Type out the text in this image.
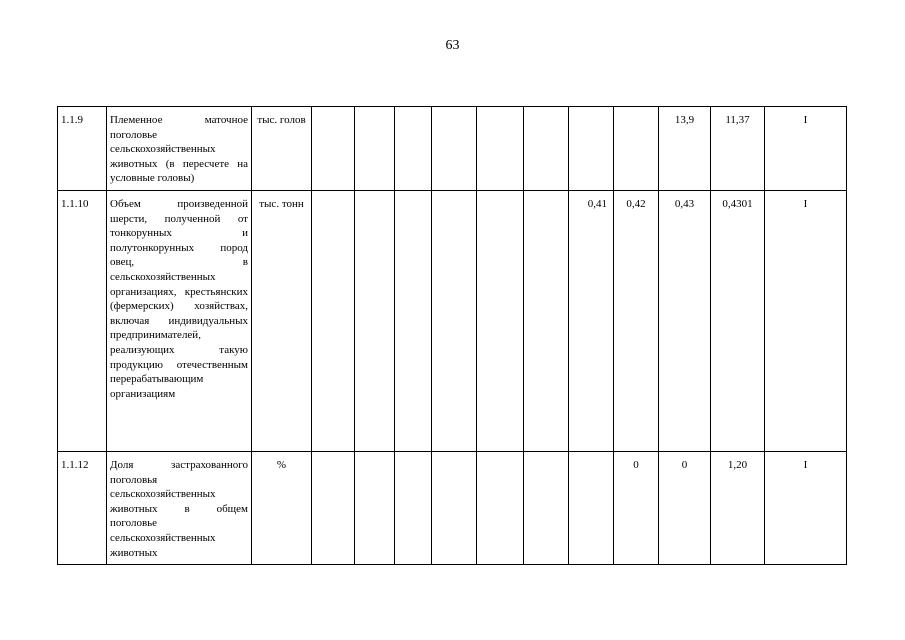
63
1.1.9	Племенное маточное поголовье сельскохозяйственных животных (в пересчете на условные головы)	тыс. голов									13,9	11,37	I
1.1.10	Объем произведенной шерсти, полученной от тонкорунных и полутонкорунных пород овец, в сельскохозяйственных организациях, крестьянских (фермерских) хозяйствах, включая индивидуальных предпринимателей, реализующих такую продукцию отечественным перерабатывающим организациям	тыс. тонн							0,41	0,42	0,43	0,4301	I
1.1.12	Доля застрахованного поголовья сельскохозяйственных животных в общем поголовье сельскохозяйственных животных	%								0	0	1,20	I
